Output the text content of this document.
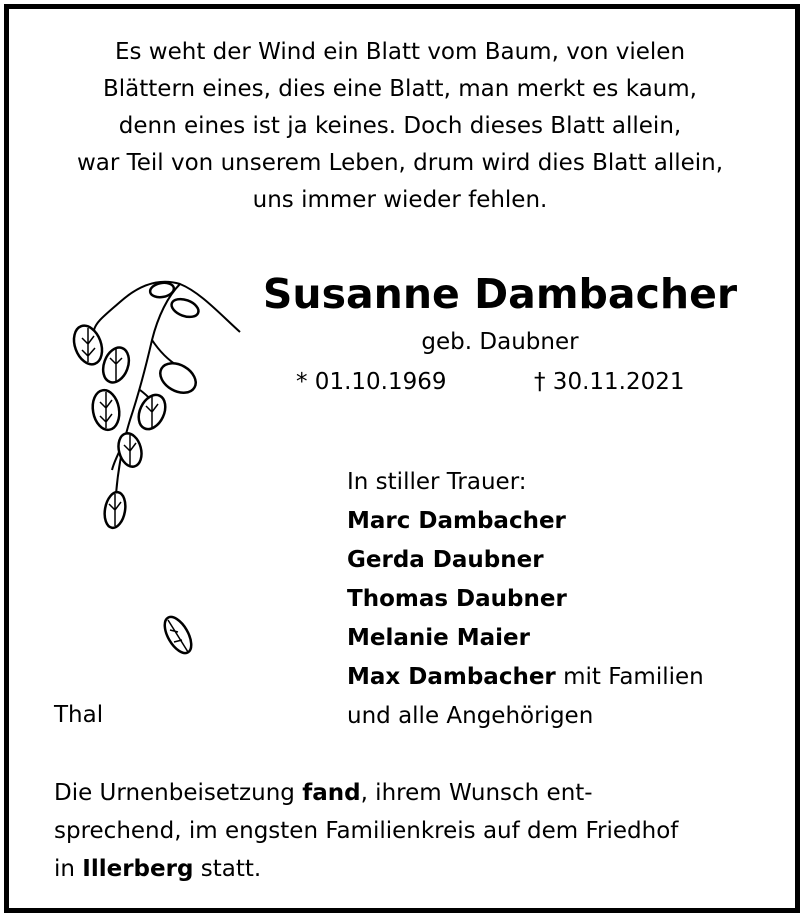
Es weht der Wind ein Blatt vom Baum, von vielen
Blättern eines, dies eine Blatt, man merkt es kaum,
denn eines ist ja keines. Doch dieses Blatt allein,
war Teil von unserem Leben, drum wird dies Blatt allein,
uns immer wieder fehlen.
Susanne Dambacher
geb. Daubner
* 01.10.1969	† 30.11.2021
In stiller Trauer:
Marc Dambacher
Gerda Daubner
Thomas Daubner
Melanie Maier
Max Dambacher mit Familien
und alle Angehörigen
Thal
Die Urnenbeisetzung fand, ihrem Wunsch ent-
sprechend, im engsten Familienkreis auf dem Friedhof
in Illerberg statt.
